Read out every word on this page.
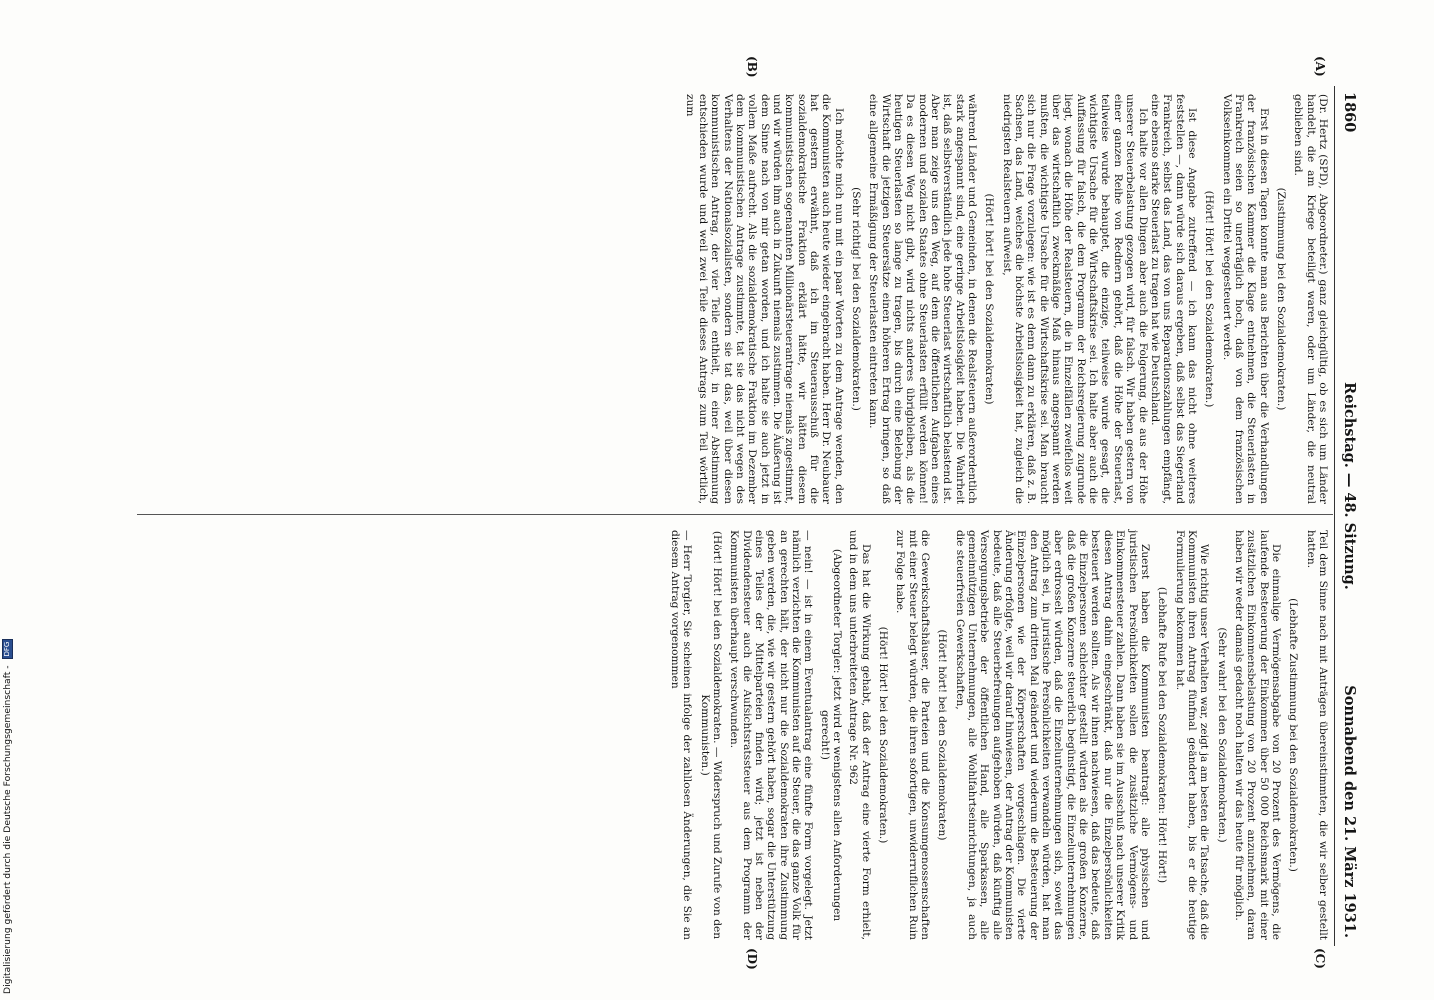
Digitalisierung gefördert durch die Deutsche Forschungsgemeinschaft - DFG
1860
Reichstag. — 48. Sitzung.
Sonnabend den 21. März 1931.
(A)
(B)
(C)
(D)

(Dr. Hertz (SPD), Abgeordneter.) ganz gleichgültig, ob es sich um Länder handelt, die am Kriege beteiligt waren, oder um Länder, die neutral geblieben sind.

(Zustimmung bei den Sozialdemokraten.)

Erst in diesen Tagen konnte man aus Berichten über die Verhandlungen der französischen Kammer die Klage entnehmen, die Steuerlasten in Frankreich seien so unerträglich hoch, daß von dem französischen Volkseinkommen ein Drittel weggesteuert werde.

(Hört! Hört! bei den Sozialdemokraten.)

Ist diese Angabe zutreffend — ich kann das nicht ohne weiteres feststellen —, dann würde sich daraus ergeben, daß selbst das Siegerland Frankreich, selbst das Land, das von uns Reparationszahlungen empfängt, eine ebenso starke Steuerlast zu tragen hat wie Deutschland.

Ich halte vor allen Dingen aber auch die Folgerung, die aus der Höhe unserer Steuerbelastung gezogen wird, für falsch. Wir haben gestern von einer ganzen Reihe von Rednern gehört, daß die Höhe der Steuerlast, teilweise wurde behauptet, die einzige, teilweise wurde gesagt, die wichtigste Ursache für die Wirtschaftskrise sei. Ich halte aber auch die Auffassung für falsch, die dem Programm der Reichsregierung zugrunde liegt, wonach die Höhe der Realsteuern, die in Einzelfällen zweifellos weit über das wirtschaftlich zweckmäßige Maß hinaus angespannt werden mußten, die wichtigste Ursache für die Wirtschaftskrise sei. Man braucht sich nur die Frage vorzulegen: wie ist es denn dann zu erklären, daß z. B. Sachsen, das Land, welches die höchste Arbeitslosigkeit hat, zugleich die niedrigsten Realsteuern aufweist,

(Hört! hört! bei den Sozialdemokraten)

während Länder und Gemeinden, in denen die Realsteuern außerordentlich stark angespannt sind, eine geringe Arbeitslosigkeit haben. Die Wahrheit ist, daß selbstverständlich jede hohe Steuerlast wirtschaftlich belastend ist. Aber man zeige uns den Weg, auf dem die öffentlichen Aufgaben eines modernen und sozialen Staates ohne Steuerlasten erfüllt werden können! Da es diesen Weg nicht gibt, wird nichts anderes übrigbleiben, als die heutigen Steuerlasten so lange zu tragen, bis durch eine Belebung der Wirtschaft die jetzigen Steuersätze einen höheren Ertrag bringen, so daß eine allgemeine Ermäßigung der Steuerlasten eintreten kann.

(Sehr richtig! bei den Sozialdemokraten.)

Ich möchte mich nun mit ein paar Worten zu dem Antrage wenden, den die Kommunisten auch heute wieder eingebracht haben. Herr Dr. Neubauer hat gestern erwähnt, daß ich im Steuerausschuß für die sozialdemokratische Fraktion erklärt hätte, wir hätten diesem kommunistischen sogenannten Millionärsteuerantrage niemals zugestimmt, und wir würden ihm auch in Zukunft niemals zustimmen. Die Äußerung ist dem Sinne nach von mir getan worden, und ich halte sie auch jetzt in vollem Maße aufrecht. Als die sozialdemokratische Fraktion im Dezember dem kommunistischen Antrage zustimmte, tat sie das nicht wegen des Verhaltens der Nationalsozialisten, sondern sie tat das, weil über diesen kommunistischen Antrag, der vier Teile enthielt, in einer Abstimmung entschieden wurde und weil zwei Teile dieses Antrags zum Teil wörtlich, zum

Teil dem Sinne nach mit Anträgen übereinstimmten, die wir selber gestellt hatten.

(Lebhafte Zustimmung bei den Sozialdemokraten.)

Die einmalige Vermögensabgabe von 20 Prozent des Vermögens, die laufende Besteuerung der Einkommen über 50 000 Reichsmark mit einer zusätzlichen Einkommensbelastung von 20 Prozent anzunehmen, daran haben wir weder damals gedacht noch halten wir das heute für möglich.

(Sehr wahr! bei den Sozialdemokraten.)

Wie richtig unser Verhalten war, zeigt ja am besten die Tatsache, daß die Kommunisten ihren Antrag fünfmal geändert haben, bis er die heutige Formulierung bekommen hat.

(Lebhafte Rufe bei den Sozialdemokraten: Hört! Hört!)

Zuerst haben die Kommunisten beantragt: alle physischen und juristischen Persönlichkeiten sollen die zusätzliche Vermögens- und Einkommensteuer zahlen. Dann haben sie im Ausschuß nach unserer Kritik diesen Antrag dahin eingeschränkt, daß nur die Einzelpersönlichkeiten besteuert werden sollten. Als wir ihnen nachwiesen, daß das bedeute, daß die Einzelpersonen schlechter gestellt würden als die großen Konzerne, daß die großen Konzerne steuerlich begünstigt, die Einzelunternehmungen aber erdrosselt würden, daß die Einzelunternehmungen sich, soweit das möglich sei, in juristische Persönlichkeiten verwandeln würden, hat man den Antrag zum dritten Mal geändert und wiederum die Besteuerung der Einzelpersonen wie der Körperschaften vorgeschlagen. Die vierte Änderung erfolgte, weil wir darauf hinwiesen, der Antrag der Kommunisten bedeute, daß alle Steuerbefreiungen aufgehoben würden, daß künftig alle Versorgungsbetriebe der öffentlichen Hand, alle Sparkassen, alle gemeinnützigen Unternehmungen, alle Wohlfahrtseinrichtungen, ja auch die steuerfreien Gewerkschaften,

(Hört! hört! bei den Sozialdemokraten)

die Gewerkschaftshäuser, die Parteien und die Konsumgenossenschaften mit einer Steuer belegt würden, die ihren sofortigen, unwiderruflichen Ruin zur Folge habe.

(Hört! Hört! bei den Sozialdemokraten.)

Das hat die Wirkung gehabt, daß der Antrag eine vierte Form erhielt, und in dem uns unterbreiteten Antrage Nr. 962

(Abgeordneter Torgler: jetzt wird er wenigstens allen Anforderungen gerecht!)

— nein! — ist in einem Eventualantrag eine fünfte Form vorgelegt. Jetzt nämlich verzichten die Kommunisten auf die Steuer, die das ganze Volk für an gerechten hält, der nicht nur die Sozialdemokraten ihre Zustimmung geben werden, die, wie wir gestern gehört haben, sogar die Unterstützung eines Teiles der Mittelparteien finden wird; jetzt ist neben der Dividendensteuer auch die Aufsichtsratssteuer aus dem Programm der Kommunisten überhaupt verschwunden.

(Hört! Hört! bei den Sozialdemokraten. — Widerspruch und Zurufe von den Kommunisten.)

— Herr Torgler, Sie scheinen infolge der zahllosen Änderungen, die Sie an diesem Antrag vorgenommen
